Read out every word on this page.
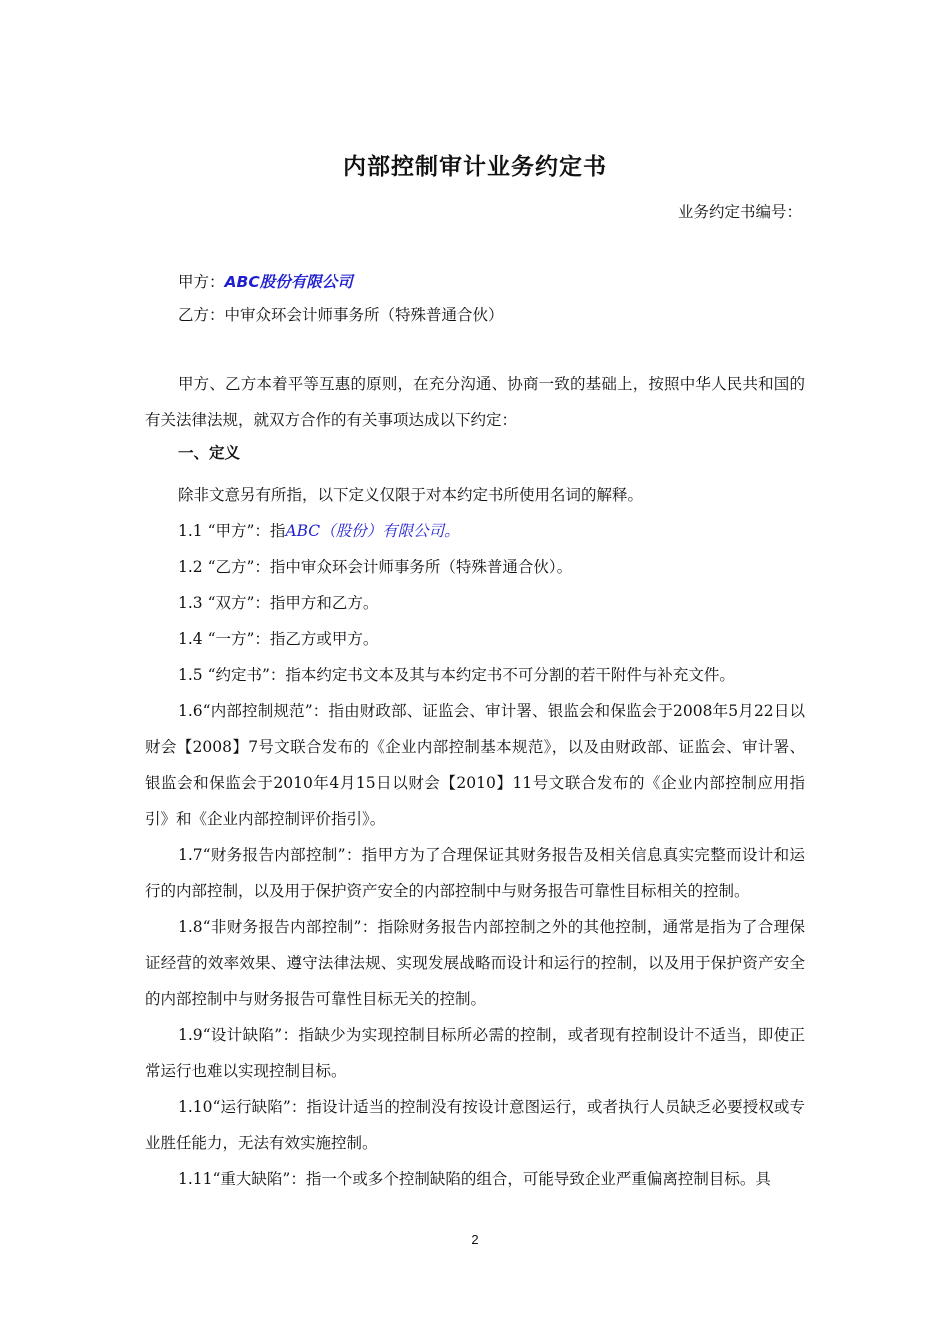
内部控制审计业务约定书
业务约定书编号：
甲方：ABC股份有限公司
乙方：中审众环会计师事务所（特殊普通合伙）

甲方、乙方本着平等互惠的原则，在充分沟通、协商一致的基础上，按照中华人民共和国的有关法律法规，就双方合作的有关事项达成以下约定：

一、定义

除非文意另有所指，以下定义仅限于对本约定书所使用名词的解释。

1.1 “甲方”：指ABC（股份）有限公司。

1.2 “乙方”：指中审众环会计师事务所（特殊普通合伙）。

1.3 “双方”：指甲方和乙方。

1.4 “一方”：指乙方或甲方。

1.5 “约定书”：指本约定书文本及其与本约定书不可分割的若干附件与补充文件。

1.6“内部控制规范”：指由财政部、证监会、审计署、银监会和保监会于2008年5月22日以财会【2008】7号文联合发布的《企业内部控制基本规范》，以及由财政部、证监会、审计署、银监会和保监会于2010年4月15日以财会【2010】11号文联合发布的《企业内部控制应用指引》和《企业内部控制评价指引》。

1.7“财务报告内部控制”：指甲方为了合理保证其财务报告及相关信息真实完整而设计和运行的内部控制，以及用于保护资产安全的内部控制中与财务报告可靠性目标相关的控制。

1.8“非财务报告内部控制”：指除财务报告内部控制之外的其他控制，通常是指为了合理保证经营的效率效果、遵守法律法规、实现发展战略而设计和运行的控制，以及用于保护资产安全的内部控制中与财务报告可靠性目标无关的控制。

1.9“设计缺陷”：指缺少为实现控制目标所必需的控制，或者现有控制设计不适当，即使正常运行也难以实现控制目标。

1.10“运行缺陷”：指设计适当的控制没有按设计意图运行，或者执行人员缺乏必要授权或专业胜任能力，无法有效实施控制。

1.11“重大缺陷”：指一个或多个控制缺陷的组合，可能导致企业严重偏离控制目标。具

2
